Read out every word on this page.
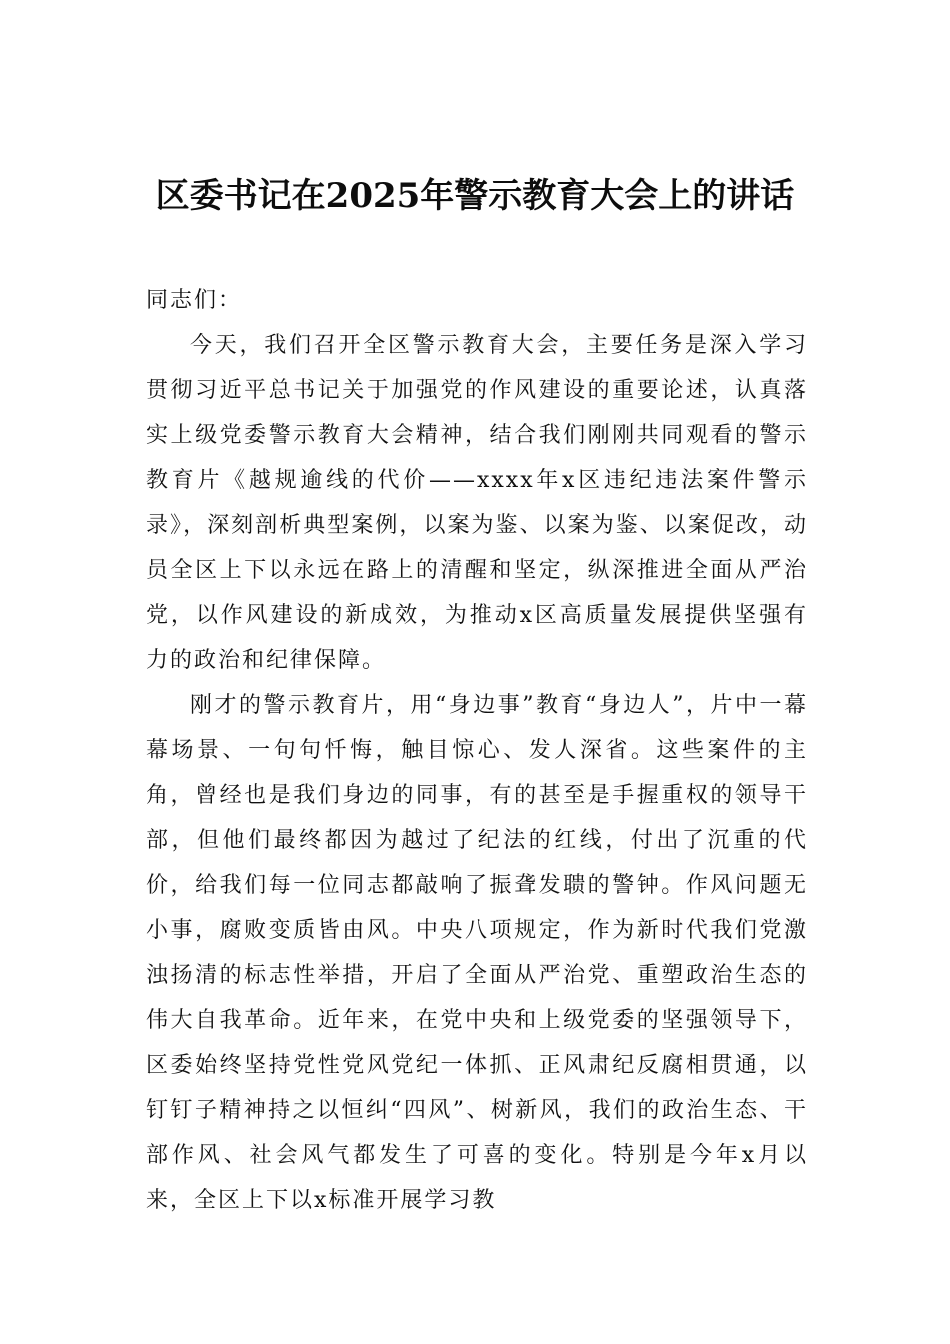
区委书记在2025年警示教育大会上的讲话

同志们：

今天，我们召开全区警示教育大会，主要任务是深入学习贯彻习近平总书记关于加强党的作风建设的重要论述，认真落实上级党委警示教育大会精神，结合我们刚刚共同观看的警示教育片《越规逾线的代价——xxxx年x区违纪违法案件警示录》，深刻剖析典型案例，以案为鉴、以案为鉴、以案促改，动员全区上下以永远在路上的清醒和坚定，纵深推进全面从严治党，以作风建设的新成效，为推动x区高质量发展提供坚强有力的政治和纪律保障。

刚才的警示教育片，用“身边事”教育“身边人”，片中一幕幕场景、一句句忏悔，触目惊心、发人深省。这些案件的主角，曾经也是我们身边的同事，有的甚至是手握重权的领导干部，但他们最终都因为越过了纪法的红线，付出了沉重的代价，给我们每一位同志都敲响了振聋发聩的警钟。作风问题无小事，腐败变质皆由风。中央八项规定，作为新时代我们党激浊扬清的标志性举措，开启了全面从严治党、重塑政治生态的伟大自我革命。近年来，在党中央和上级党委的坚强领导下，区委始终坚持党性党风党纪一体抓、正风肃纪反腐相贯通，以钉钉子精神持之以恒纠“四风”、树新风，我们的政治生态、干部作风、社会风气都发生了可喜的变化。特别是今年x月以来，全区上下以x标准开展学习教
